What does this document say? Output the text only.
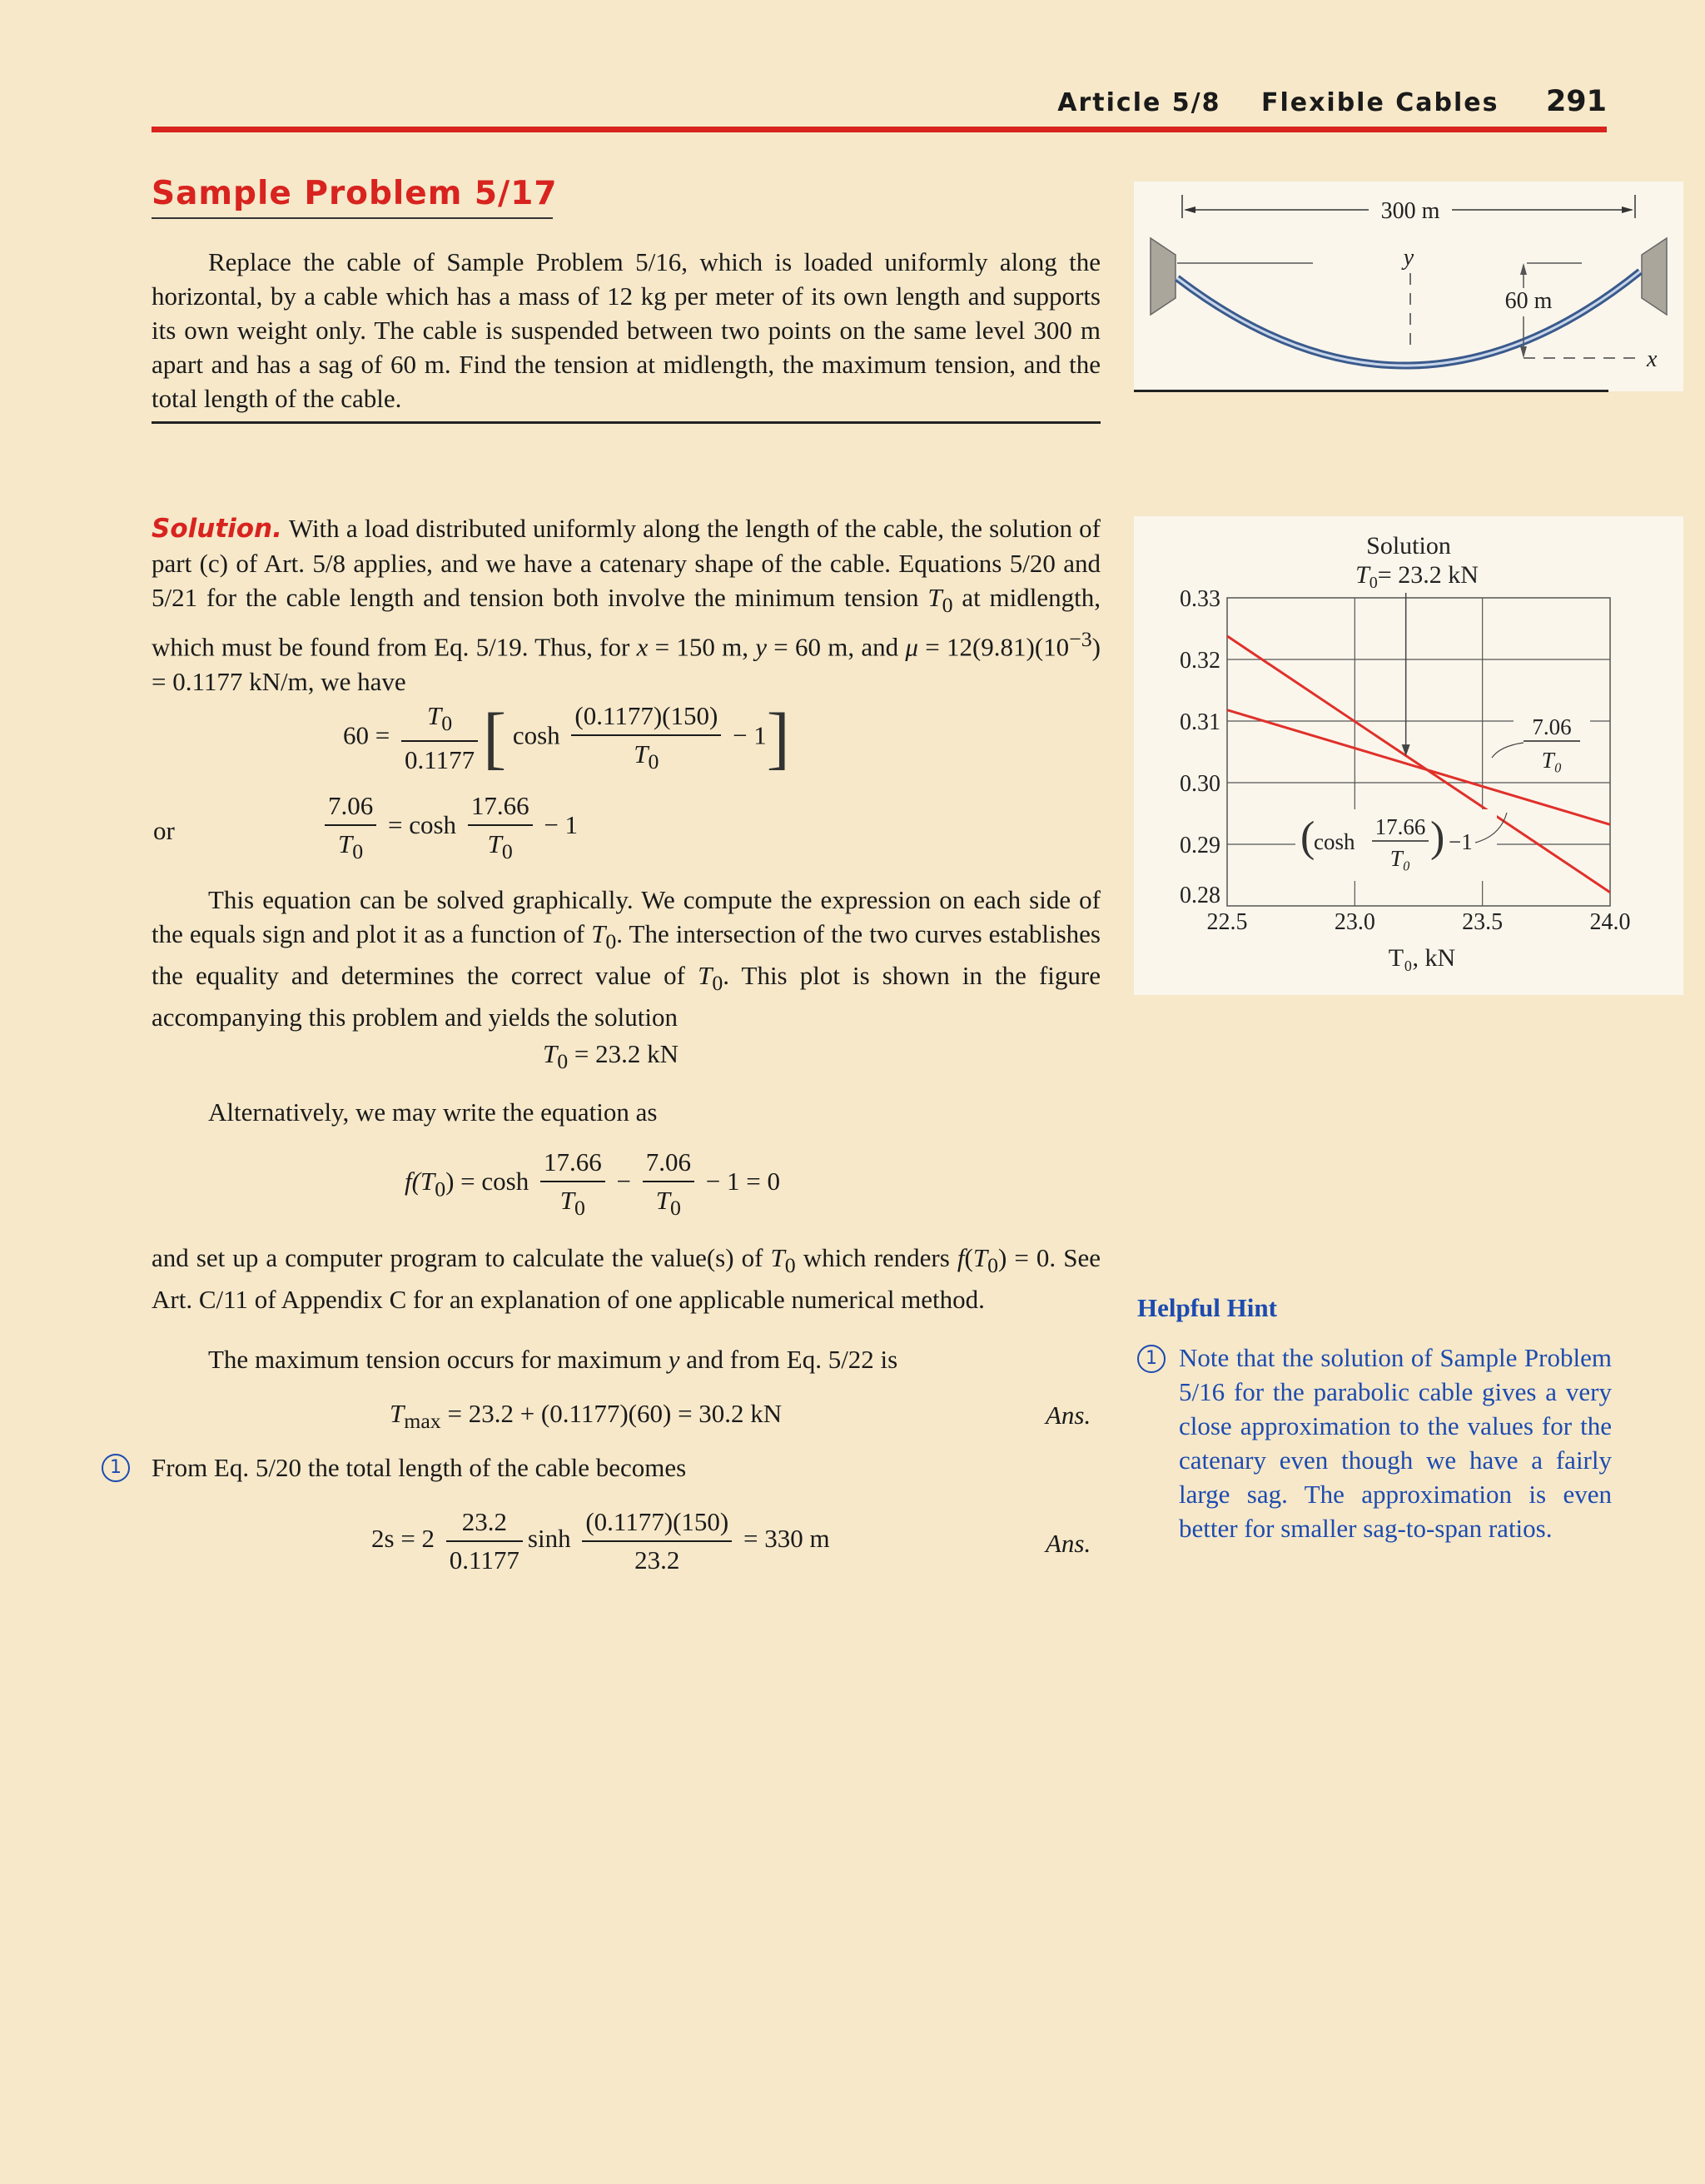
Article 5/8 Flexible Cables 291
Sample Problem 5/17
Replace the cable of Sample Problem 5/16, which is loaded uniformly along the horizontal, by a cable which has a mass of 12 kg per meter of its own length and supports its own weight only. The cable is suspended between two points on the same level 300 m apart and has a sag of 60 m. Find the tension at midlength, the maximum tension, and the total length of the cable.
Solution. With a load distributed uniformly along the length of the cable, the solution of part (c) of Art. 5/8 applies, and we have a catenary shape of the cable. Equations 5/20 and 5/21 for the cable length and tension both involve the minimum tension $T_0$ at midlength, which must be found from Eq. 5/19. Thus, for x = 150 m, y = 60 m, and $\mu = 12(9.81)(10^{-3}) = 0.1177$ kN/m, we have
$60 = \frac{T_0}{0.1177}$ [ $\cosh \frac{(0.1177)(150)}{T_0} - 1$]
or	$\frac{7.06}{T_0} = \cosh \frac{17.66}{T_0} - 1$
This equation can be solved graphically. We compute the expression on each side of the equals sign and plot it as a function of $T_0$. The intersection of the two curves establishes the equality and determines the correct value of $T_0$. This plot is shown in the figure accompanying this problem and yields the solution
$T_0 = 23.2$ kN
Alternatively, we may write the equation as
$f(T_0) = \cosh \frac{17.66}{T_0} - \frac{7.06}{T_0} - 1 = 0$
and set up a computer program to calculate the value(s) of $T_0$ which renders $f(T_0) = 0$. See Art. C/11 of Appendix C for an explanation of one applicable numerical method.
The maximum tension occurs for maximum y and from Eq. 5/22 is
$T_{max} = 23.2 + (0.1177)(60) = 30.2$ kN	Ans.
1	From Eq. 5/20 the total length of the cable becomes
$2s = 2 \frac{23.2}{0.1177}$ $\sinh \frac{(0.1177)(150)}{23.2} = 330$ m	Ans.
300 m
y
x
60 m
Solution
$T_0= 23.2$ kN
22.5	23.0	23.5	24.0
0.33
0.32
0.31
0.30
0.29
0.28
7.06
T₀
(
cosh
17.66
T₀ ) −1
T₀, kN
Helpful Hint
1 Note that the solution of Sample Problem 5/16 for the parabolic cable gives a very close approximation to the values for the catenary even though we have a fairly large sag. The approximation is even better for smaller sag-to-span ratios.
